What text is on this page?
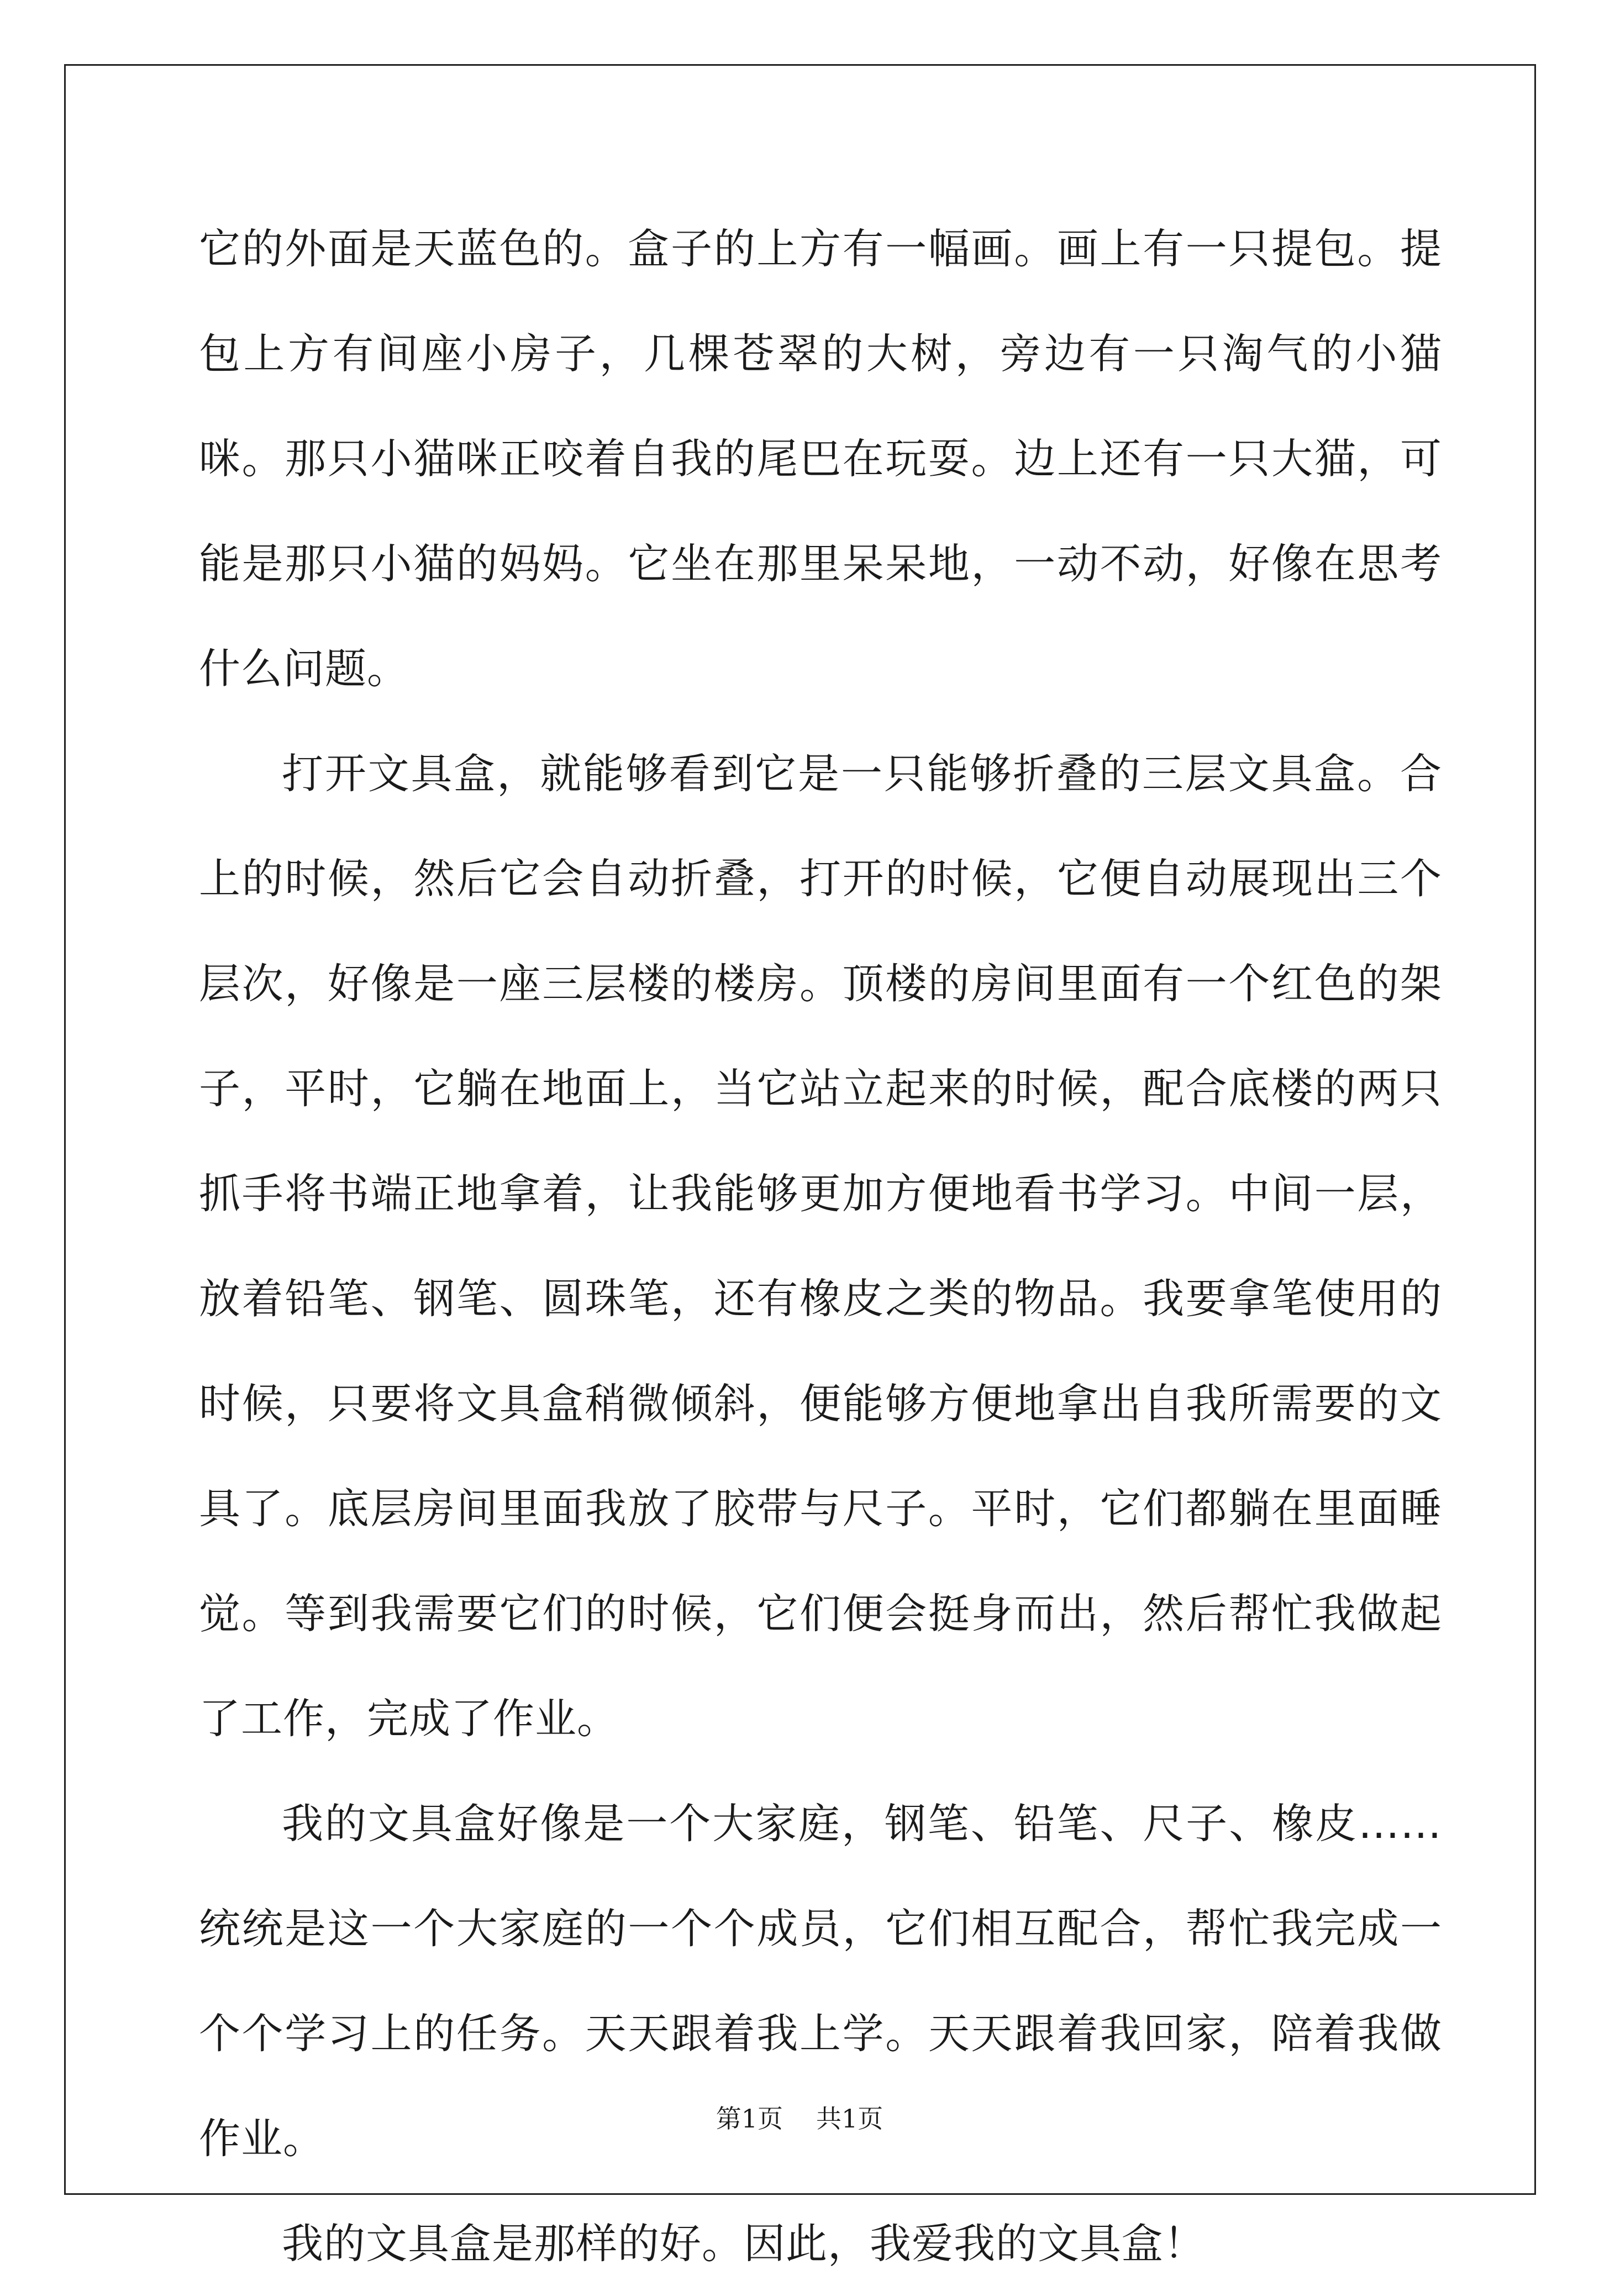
它的外面是天蓝色的。盒子的上方有一幅画。画上有一只提包。提包上方有间座小房子，几棵苍翠的大树，旁边有一只淘气的小猫咪。那只小猫咪正咬着自我的尾巴在玩耍。边上还有一只大猫，可能是那只小猫的妈妈。它坐在那里呆呆地，一动不动，好像在思考什么问题。

打开文具盒，就能够看到它是一只能够折叠的三层文具盒。合上的时候，然后它会自动折叠，打开的时候，它便自动展现出三个层次，好像是一座三层楼的楼房。顶楼的房间里面有一个红色的架子，平时，它躺在地面上，当它站立起来的时候，配合底楼的两只抓手将书端正地拿着，让我能够更加方便地看书学习。中间一层，放着铅笔、钢笔、圆珠笔，还有橡皮之类的物品。我要拿笔使用的时候，只要将文具盒稍微倾斜，便能够方便地拿出自我所需要的文具了。底层房间里面我放了胶带与尺子。平时，它们都躺在里面睡觉。等到我需要它们的时候，它们便会挺身而出，然后帮忙我做起了工作，完成了作业。

我的文具盒好像是一个大家庭，钢笔、铅笔、尺子、橡皮……统统是这一个大家庭的一个个成员，它们相互配合，帮忙我完成一个个学习上的任务。天天跟着我上学。天天跟着我回家，陪着我做作业。

我的文具盒是那样的好。因此，我爱我的文具盒！

第1页 共1页
